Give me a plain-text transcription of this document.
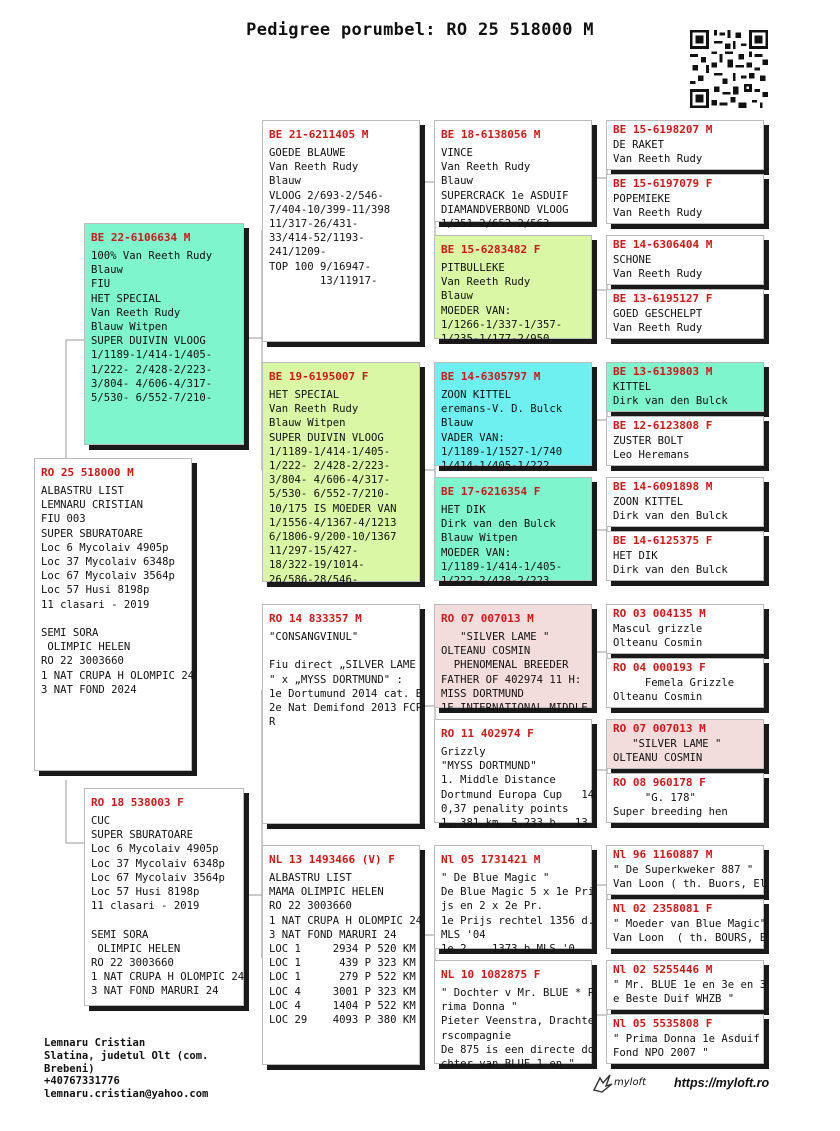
Pedigree porumbel: RO 25 518000 M
RO 25 518000 M
ALBASTRU LIST
LEMNARU CRISTIAN
FIU 003
SUPER SBURATOARE
Loc 6 Mycolaiv 4905p
Loc 37 Mycolaiv 6348p
Loc 67 Mycolaiv 3564p
Loc 57 Husi 8198p
11 clasari - 2019

SEMI SORA
OLIMPIC HELEN
RO 22 3003660
1 NAT CRUPA H OLOMPIC 24
3 NAT FOND 2024
BE 22-6106634 M
100% Van Reeth Rudy
Blauw
FIU
HET SPECIAL
Van Reeth Rudy
Blauw Witpen
SUPER DUIVIN VLOOG
1/1189-1/414-1/405-
1/222- 2/428-2/223-
3/804- 4/606-4/317-
5/530- 6/552-7/210-
RO 18 538003 F
CUC
SUPER SBURATOARE
Loc 6 Mycolaiv 4905p
Loc 37 Mycolaiv 6348p
Loc 67 Mycolaiv 3564p
Loc 57 Husi 8198p
11 clasari - 2019

SEMI SORA
OLIMPIC HELEN
RO 22 3003660
1 NAT CRUPA H OLOMPIC 24
3 NAT FOND MARURI 24
BE 21-6211405 M
GOEDE BLAUWE
Van Reeth Rudy
Blauw
VLOOG 2/693-2/546-
7/404-10/399-11/398
11/317-26/431-
33/414-52/1193-
241/1209-
TOP 100 9/16947-
13/11917-
BE 19-6195007 F
HET SPECIAL
Van Reeth Rudy
Blauw Witpen
SUPER DUIVIN VLOOG
1/1189-1/414-1/405-
1/222- 2/428-2/223-
3/804- 4/606-4/317-
5/530- 6/552-7/210-
10/175 IS MOEDER VAN
1/1556-4/1367-4/1213
6/1806-9/200-10/1367
11/297-15/427-
18/322-19/1014-
26/586-28/546-
RO 14 833357 M
"CONSANGVINUL"

Fiu direct „SILVER LAME
" x „MYSS DORTMUND" :
1e Dortumund 2014 cat. B
2e Nat Demifond 2013 FCP
R
NL 13 1493466 (V) F
ALBASTRU LIST
MAMA OLIMPIC HELEN
RO 22 3003660
1 NAT CRUPA H OLOMPIC 24
3 NAT FOND MARURI 24
LOC 1     2934 P 520 KM
LOC 1      439 P 323 KM
LOC 1      279 P 522 KM
LOC 4     3001 P 323 KM
LOC 4     1404 P 522 KM
LOC 29    4093 P 380 KM
BE 18-6138056 M
VINCE
Van Reeth Rudy
Blauw
SUPERCRACK 1e ASDUIF
DIAMANDVERBOND VLOOG
1/351-2/652-2/563
BE 15-6283482 F
PITBULLEKE
Van Reeth Rudy
Blauw
MOEDER VAN:
1/1266-1/337-1/357-
1/235-1/177-2/950
BE 14-6305797 M
ZOON KITTEL
eremans-V. D. Bulck
Blauw
VADER VAN:
1/1189-1/1527-1/740
1/414-1/405-1/222
BE 17-6216354 F
HET DIK
Dirk van den Bulck
Blauw Witpen
MOEDER VAN:
1/1189-1/414-1/405-
1/222-2/428-2/223
RO 07 007013 M
"SILVER LAME "
OLTEANU COSMIN
PHENOMENAL BREEDER
FATHER OF 402974 11 H:
MISS DORTMUND
1E INTERNATIONAL MIDDLE
RO 11 402974 F
Grizzly
"MYSS DORTMUND"
1. Middle Distance
Dortmund Europa Cup   14
0,37 penality points
1. 381 km  5.233 b.  13
Nl 05 1731421 M
" De Blue Magic "
De Blue Magic 5 x 1e Pri
js en 2 x 2e Pr.
1e Prijs rechtel 1356 d.
MLS '04
1e 2    1373 b MLS '0
NL 10 1082875 F
" Dochter v Mr. BLUE * P
rima Donna "
Pieter Veenstra, Drachte
rscompagnie
De 875 is een directe do
chter van BLUE 1 en "
BE 15-6198207 M
DE RAKET
Van Reeth Rudy
BE 15-6197079 F
POPEMIEKE
Van Reeth Rudy
BE 14-6306404 M
SCHONE
Van Reeth Rudy
BE 13-6195127 F
GOED GESCHELPT
Van Reeth Rudy
BE 13-6139803 M
KITTEL
Dirk van den Bulck
BE 12-6123808 F
ZUSTER BOLT
Leo Heremans
BE 14-6091898 M
ZOON KITTEL
Dirk van den Bulck
BE 14-6125375 F
HET DIK
Dirk van den Bulck
RO 03 004135 M
Mascul grizzle
Olteanu Cosmin
RO 04 000193 F
Femela Grizzle
Olteanu Cosmin
RO 07 007013 M
"SILVER LAME "
OLTEANU COSMIN
RO 08 960178 F
"G. 178"
Super breeding hen
Nl 96 1160887 M
" De Superkweker 887 "
Van Loon ( th. Buors, El
Nl 02 2358081 F
" Moeder van Blue Magic"
Van Loon  ( th. BOURS, E
Nl 02 5255446 M
" Mr. BLUE 1e en 3e en 3
e Beste Duif WHZB "
Nl 05 5535808 F
" Prima Donna 1e Asduif
Fond NPO 2007 "
Lemnaru Cristian
Slatina, judetul Olt (com.
Brebeni)
+40767331776
lemnaru.cristian@yahoo.com
myloft https://myloft.ro
